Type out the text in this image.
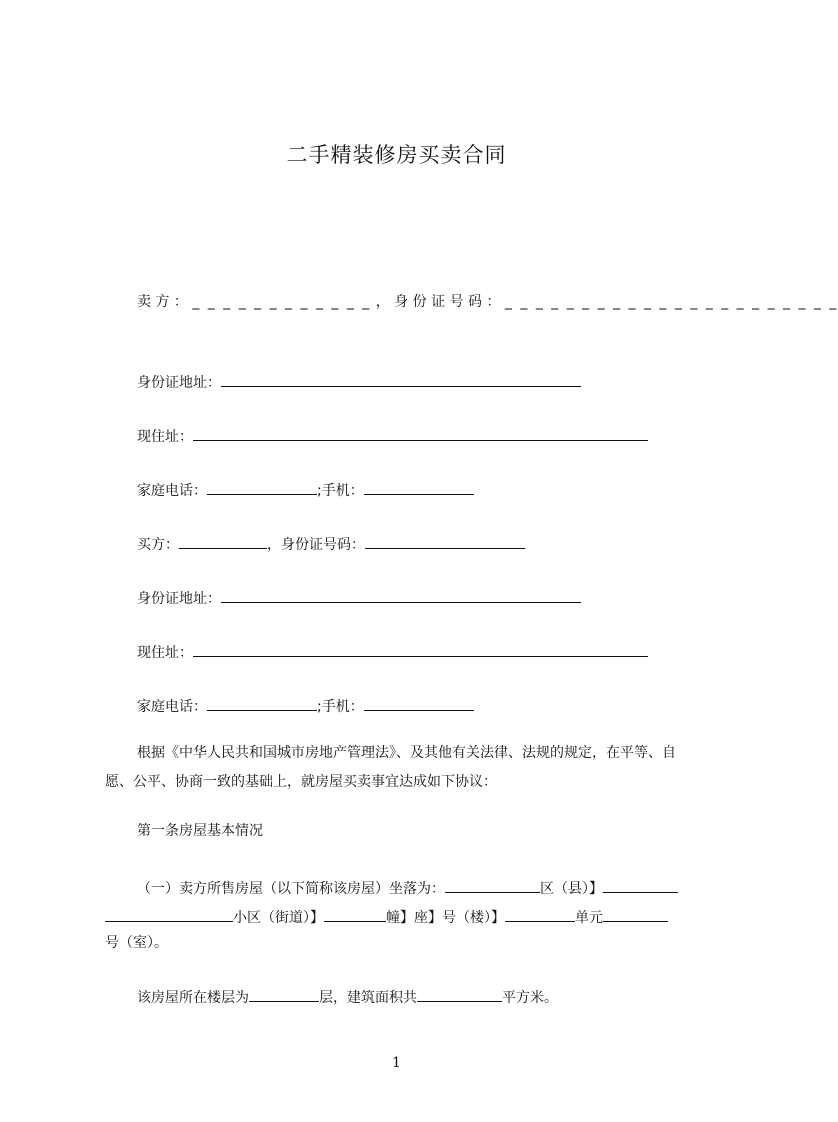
二手精装修房买卖合同
卖 方 ： _ _ _ _ _ _ _ _ _ _ _ _ ， 身 份 证 号 码 ： _ _ _ _ _ _ _ _ _ _ _ _ _ _ _ _ _ _ _ _ _ _
身份证地址：
现住址：
家庭电话：	;手机：
买方：	，身份证号码：
身份证地址：
现住址：
家庭电话：	;手机：
根据《中华人民共和国城市房地产管理法》、及其他有关法律、法规的规定，在平等、自愿、公平、协商一致的基础上，就房屋买卖事宜达成如下协议：
第一条房屋基本情况
（一）卖方所售房屋（以下简称该房屋）坐落为：	区（县）】
小区（街道）】	幢】座】号（楼）】	单元
号（室）。
该房屋所在楼层为	层，建筑面积共	平方米。
1
